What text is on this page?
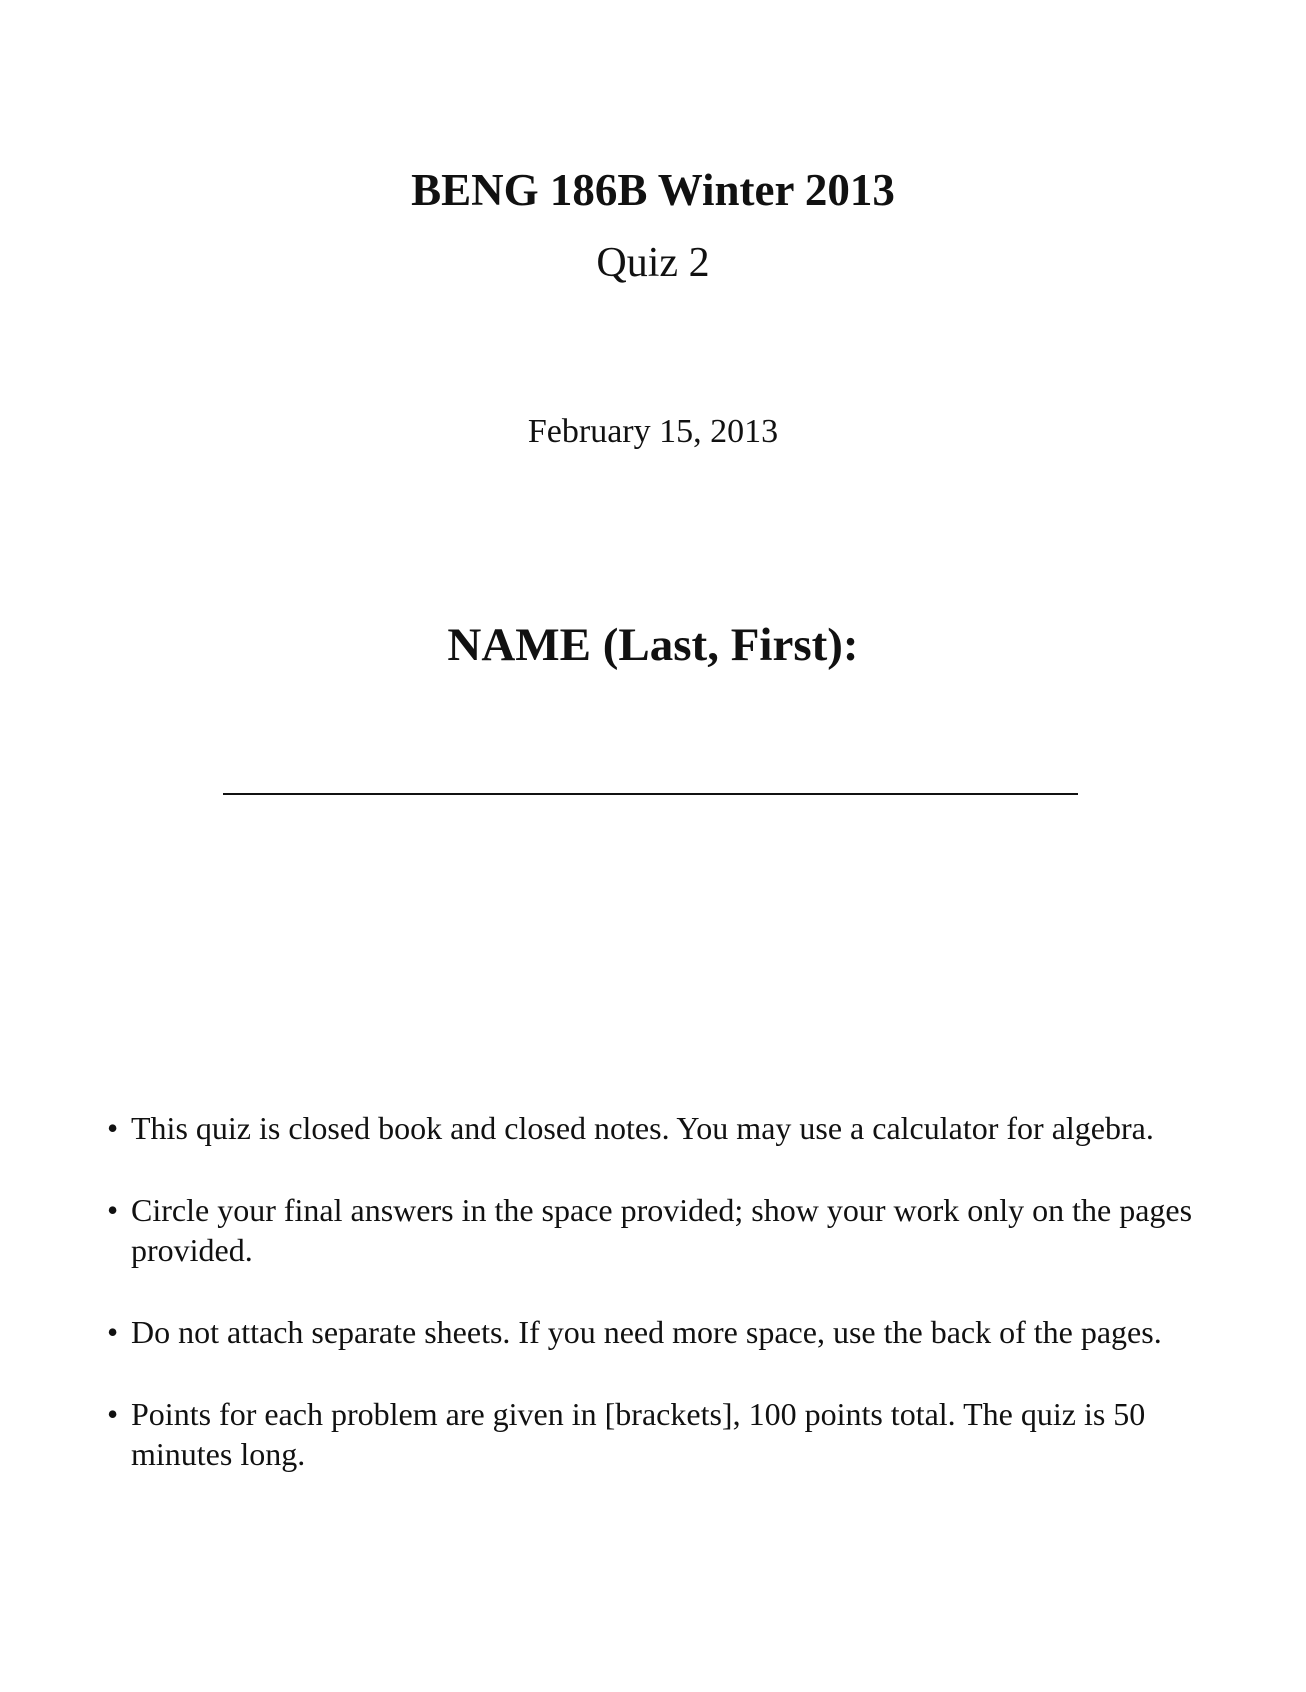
BENG 186B Winter 2013
Quiz 2
February 15, 2013
NAME (Last, First):
• This quiz is closed book and closed notes. You may use a calculator for algebra.
• Circle your final answers in the space provided; show your work only on the pages provided.
• Do not attach separate sheets. If you need more space, use the back of the pages.
• Points for each problem are given in [brackets], 100 points total. The quiz is 50 minutes long.
